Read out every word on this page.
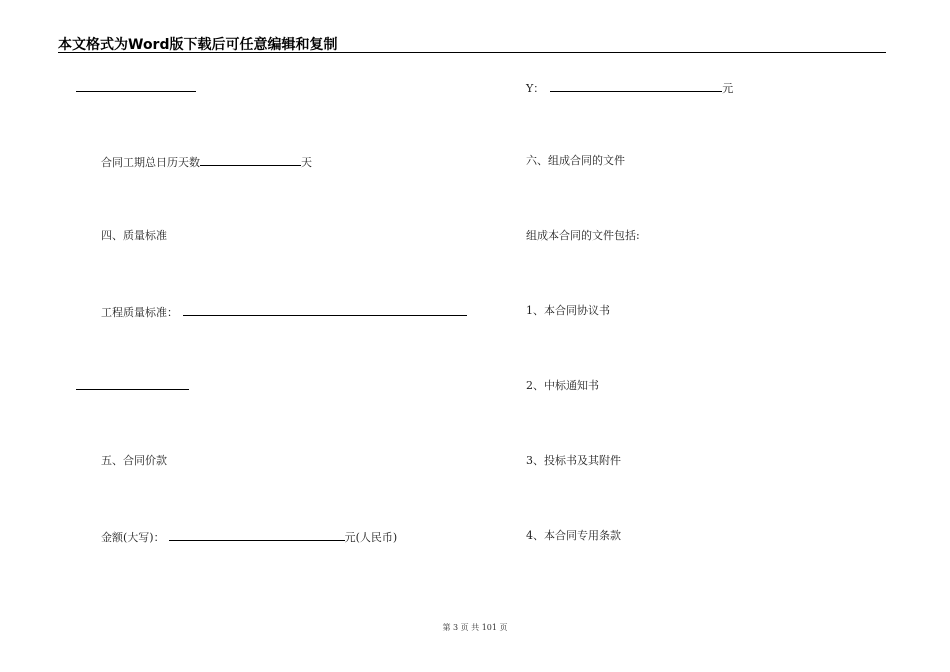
本文格式为Word版下载后可任意编辑和复制
合同工期总日历天数	天
四、质量标准
工程质量标准：
五、合同价款
金额(大写)：	元(人民币)
Y：	元
六、组成合同的文件
组成本合同的文件包括:
1、本合同协议书
2、中标通知书
3、投标书及其附件
4、本合同专用条款
第 3 页 共 101 页
